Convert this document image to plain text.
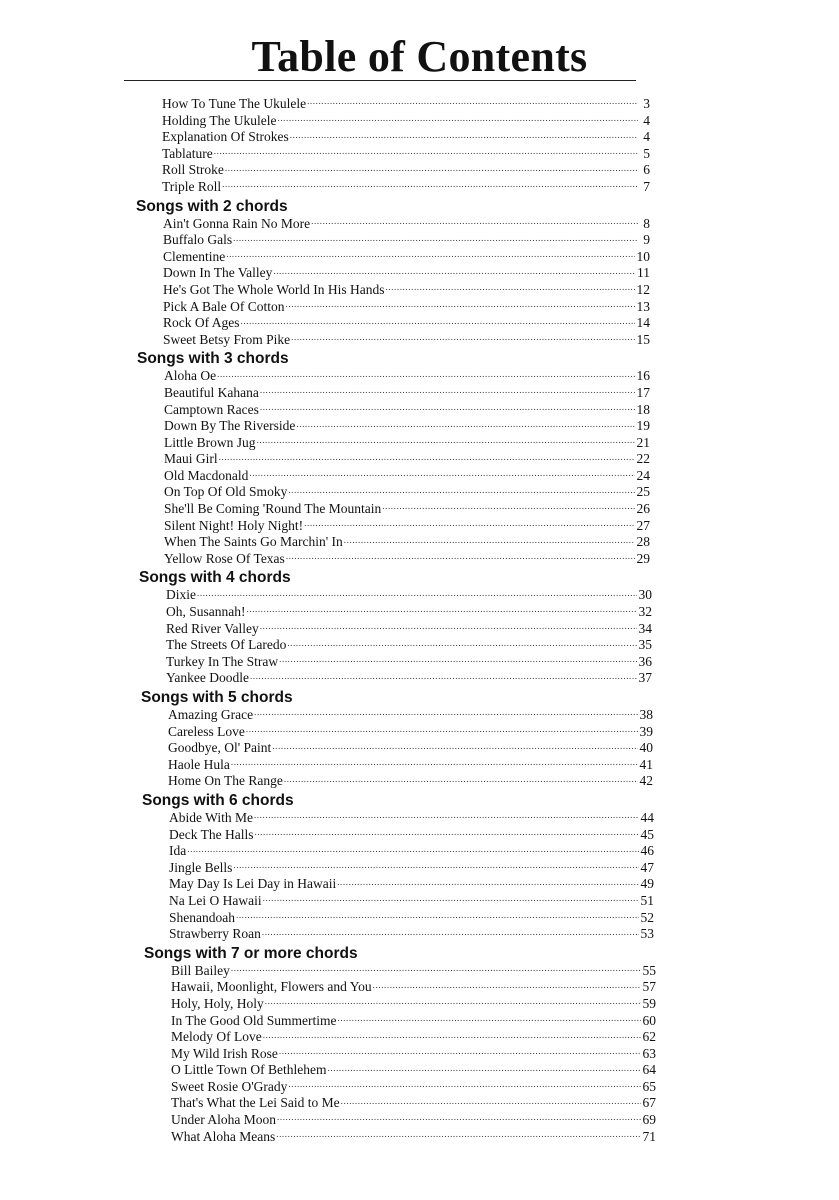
Table of Contents
How To Tune The Ukulele .....	3
Holding The Ukulele .....	4
Explanation Of Strokes .....	4
Tablature .....	5
Roll Stroke .....	6
Triple Roll .....	7
Songs with 2 chords
Ain't Gonna Rain No More .....	8
Buffalo Gals .....	9
Clementine .....	10
Down In The Valley .....	11
He's Got The Whole World In His Hands .....	12
Pick A Bale Of Cotton .....	13
Rock Of Ages .....	14
Sweet Betsy From Pike .....	15
Songs with 3 chords
Aloha Oe .....	16
Beautiful Kahana .....	17
Camptown Races .....	18
Down By The Riverside .....	19
Little Brown Jug .....	21
Maui Girl .....	22
Old Macdonald .....	24
On Top Of Old Smoky .....	25
She'll Be Coming 'Round The Mountain .....	26
Silent Night! Holy Night! .....	27
When The Saints Go Marchin' In .....	28
Yellow Rose Of Texas .....	29
Songs with 4 chords
Dixie .....	30
Oh, Susannah! .....	32
Red River Valley .....	34
The Streets Of Laredo .....	35
Turkey In The Straw .....	36
Yankee Doodle .....	37
Songs with 5 chords
Amazing Grace .....	38
Careless Love .....	39
Goodbye, Ol' Paint .....	40
Haole Hula .....	41
Home On The Range .....	42
Songs with 6 chords
Abide With Me .....	44
Deck The Halls .....	45
Ida .....	46
Jingle Bells .....	47
May Day Is Lei Day in Hawaii .....	49
Na Lei O Hawaii .....	51
Shenandoah .....	52
Strawberry Roan .....	53
Songs with 7 or more chords
Bill Bailey .....	55
Hawaii, Moonlight, Flowers and You .....	57
Holy, Holy, Holy .....	59
In The Good Old Summertime .....	60
Melody Of Love .....	62
My Wild Irish Rose .....	63
O Little Town Of Bethlehem .....	64
Sweet Rosie O'Grady .....	65
That's What the Lei Said to Me .....	67
Under Aloha Moon .....	69
What Aloha Means .....	71
